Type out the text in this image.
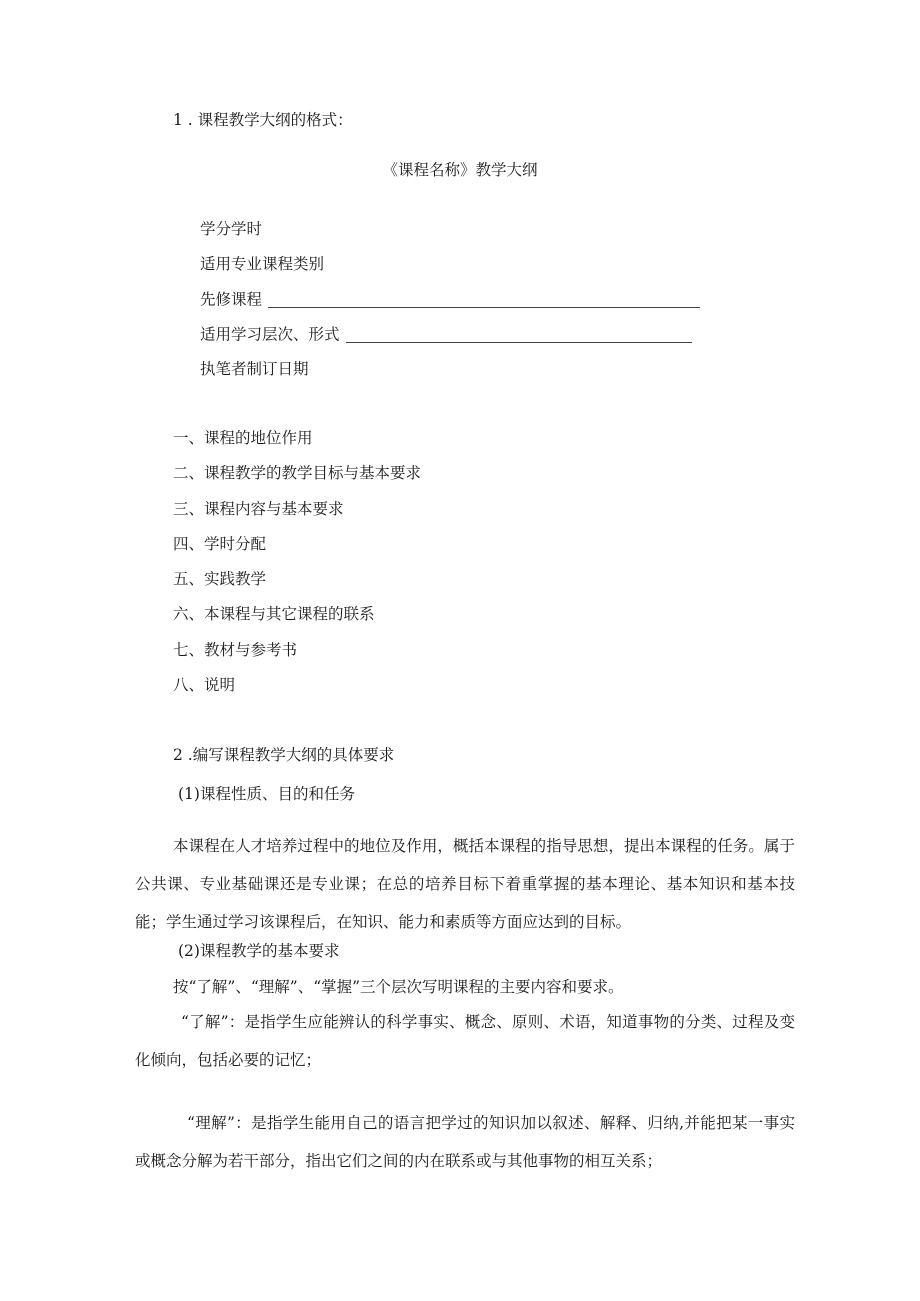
1 . 课程教学大纲的格式：
《课程名称》教学大纲
学分学时
适用专业课程类别
先修课程
适用学习层次、形式
执笔者制订日期
一、课程的地位作用
二、课程教学的教学目标与基本要求
三、课程内容与基本要求
四、学时分配
五、实践教学
六、本课程与其它课程的联系
七、教材与参考书
八、说明
2 .编写课程教学大纲的具体要求
(1)课程性质、目的和任务
本课程在人才培养过程中的地位及作用，概括本课程的指导思想，提出本课程的任务。属于公共课、专业基础课还是专业课；在总的培养目标下着重掌握的基本理论、基本知识和基本技能；学生通过学习该课程后，在知识、能力和素质等方面应达到的目标。
(2)课程教学的基本要求
按“了解”、“理解”、“掌握”三个层次写明课程的主要内容和要求。
“了解”：是指学生应能辨认的科学事实、概念、原则、术语，知道事物的分类、过程及变化倾向，包括必要的记忆；
“理解”：是指学生能用自己的语言把学过的知识加以叙述、解释、归纳,并能把某一事实或概念分解为若干部分，指出它们之间的内在联系或与其他事物的相互关系；
